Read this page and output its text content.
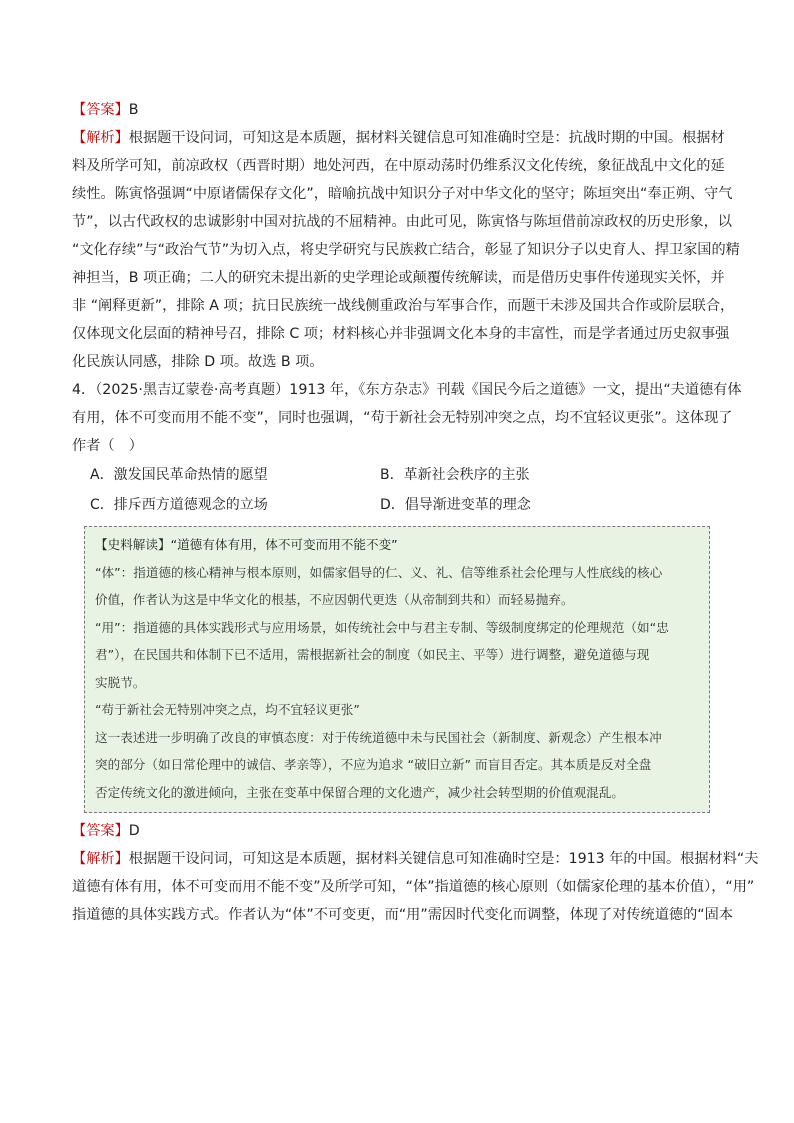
【答案】B
【解析】根据题干设问词，可知这是本质题，据材料关键信息可知准确时空是：抗战时期的中国。根据材
料及所学可知，前凉政权（西晋时期）地处河西，在中原动荡时仍维系汉文化传统，象征战乱中文化的延
续性。陈寅恪强调“中原诸儒保存文化”，暗喻抗战中知识分子对中华文化的坚守；陈垣突出“奉正朔、守气
节”，以古代政权的忠诚影射中国对抗战的不屈精神。由此可见，陈寅恪与陈垣借前凉政权的历史形象，以
“文化存续”与“政治气节”为切入点，将史学研究与民族救亡结合，彰显了知识分子以史育人、捍卫家国的精
神担当，B 项正确；二人的研究未提出新的史学理论或颠覆传统解读，而是借历史事件传递现实关怀，并
非 “阐释更新”，排除 A 项；抗日民族统一战线侧重政治与军事合作，而题干未涉及国共合作或阶层联合，
仅体现文化层面的精神号召，排除 C 项；材料核心并非强调文化本身的丰富性，而是学者通过历史叙事强
化民族认同感，排除 D 项。故选 B 项。
4．（2025·黑吉辽蒙卷·高考真题）1913 年，《东方杂志》刊载《国民今后之道德》一文，提出“夫道德有体
有用，体不可变而用不能不变”，同时也强调，“苟于新社会无特别冲突之点，均不宜轻议更张”。这体现了
作者（　）
A．激发国民革命热情的愿望	B．革新社会秩序的主张
C．排斥西方道德观念的立场	D．倡导渐进变革的理念
【史料解读】“道德有体有用，体不可变而用不能不变”
“体”：指道德的核心精神与根本原则，如儒家倡导的仁、义、礼、信等维系社会伦理与人性底线的核心
价值，作者认为这是中华文化的根基，不应因朝代更迭（从帝制到共和）而轻易抛弃。
“用”：指道德的具体实践形式与应用场景，如传统社会中与君主专制、等级制度绑定的伦理规范（如“忠
君”），在民国共和体制下已不适用，需根据新社会的制度（如民主、平等）进行调整，避免道德与现
实脱节。
“苟于新社会无特别冲突之点，均不宜轻议更张”
这一表述进一步明确了改良的审慎态度：对于传统道德中未与民国社会（新制度、新观念）产生根本冲
突的部分（如日常伦理中的诚信、孝亲等），不应为追求 “破旧立新” 而盲目否定。其本质是反对全盘
否定传统文化的激进倾向，主张在变革中保留合理的文化遗产，减少社会转型期的价值观混乱。
【答案】D
【解析】根据题干设问词，可知这是本质题，据材料关键信息可知准确时空是：1913 年的中国。根据材料“夫
道德有体有用，体不可变而用不能不变”及所学可知，“体”指道德的核心原则（如儒家伦理的基本价值），“用”
指道德的具体实践方式。作者认为“体”不可变更，而“用”需因时代变化而调整，体现了对传统道德的“固本
